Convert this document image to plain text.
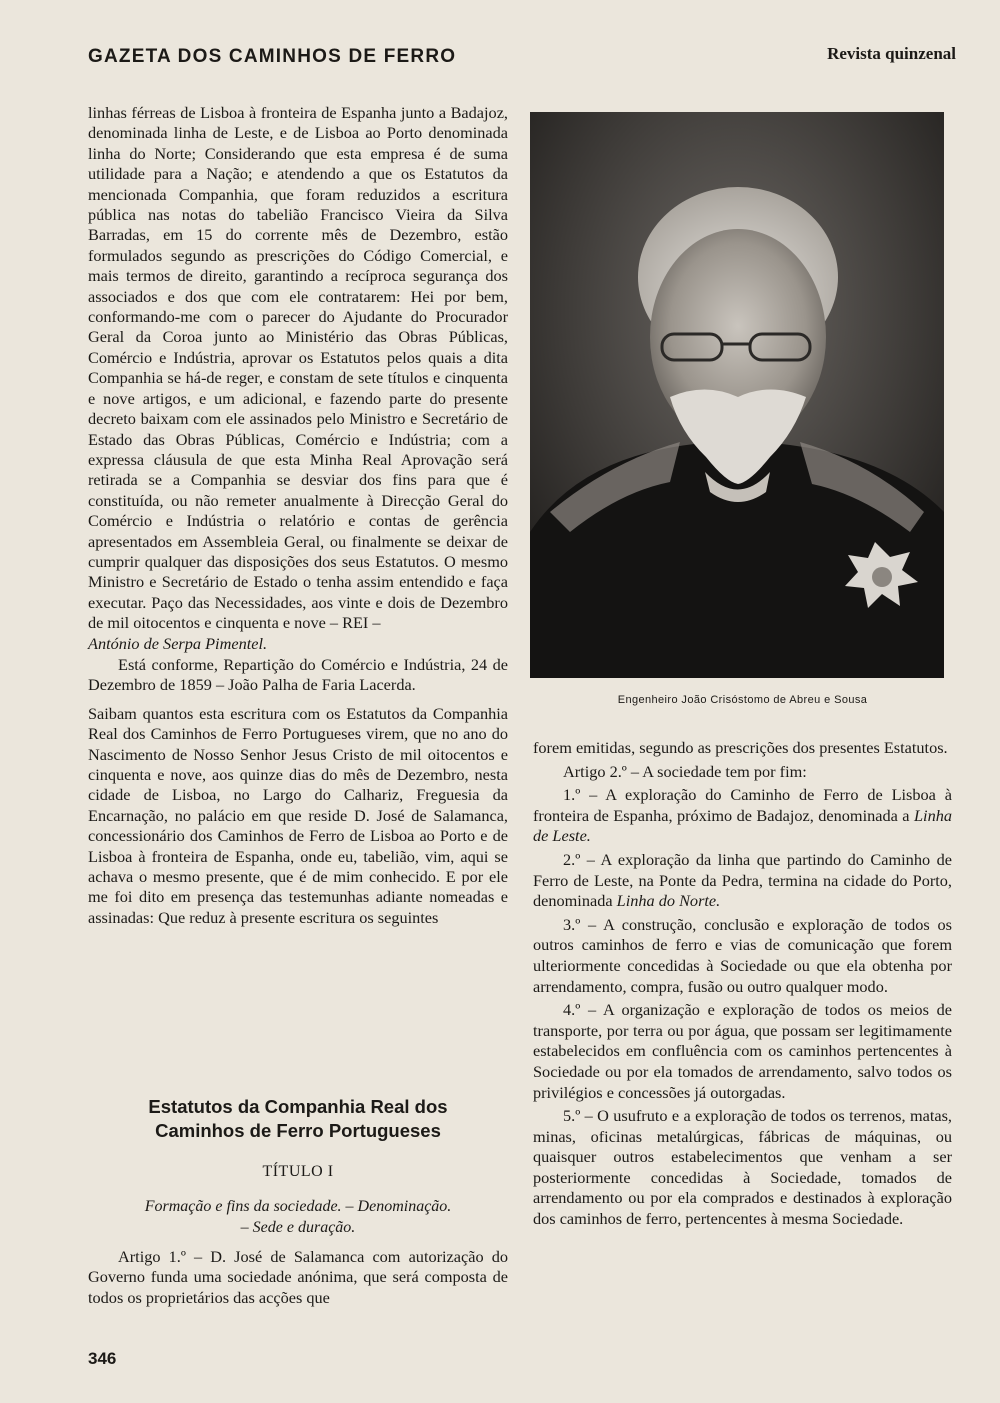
GAZETA DOS CAMINHOS DE FERRO	Revista quinzenal

linhas férreas de Lisboa à fronteira de Espanha junto a Badajoz, denominada linha de Leste, e de Lisboa ao Porto denominada linha do Norte; Considerando que esta empresa é de suma utilidade para a Nação; e atendendo a que os Estatutos da mencionada Companhia, que foram reduzidos a escritura pública nas notas do tabelião Francisco Vieira da Silva Barradas, em 15 do corrente mês de Dezembro, estão formulados segundo as prescrições do Código Comercial, e mais termos de direito, garantindo a recíproca segurança dos associados e dos que com ele contratarem: Hei por bem, conformando-me com o parecer do Ajudante do Procurador Geral da Coroa junto ao Ministério das Obras Públicas, Comércio e Indústria, aprovar os Estatutos pelos quais a dita Companhia se há-de reger, e constam de sete títulos e cinquenta e nove artigos, e um adicional, e fazendo parte do presente decreto baixam com ele assinados pelo Ministro e Secretário de Estado das Obras Públicas, Comércio e Indústria; com a expressa cláusula de que esta Minha Real Aprovação será retirada se a Companhia se desviar dos fins para que é constituída, ou não remeter anualmente à Direcção Geral do Comércio e Indústria o relatório e contas de gerência apresentados em Assembleia Geral, ou finalmente se deixar de cumprir qualquer das disposições dos seus Estatutos. O mesmo Ministro e Secretário de Estado o tenha assim entendido e faça executar. Paço das Necessidades, aos vinte e dois de Dezembro de mil oitocentos e cinquenta e nove – REI –
António de Serpa Pimentel.

Está conforme, Repartição do Comércio e Indústria, 24 de Dezembro de 1859 – João Palha de Faria Lacerda.

Saibam quantos esta escritura com os Estatutos da Companhia Real dos Caminhos de Ferro Portugueses virem, que no ano do Nascimento de Nosso Senhor Jesus Cristo de mil oitocentos e cinquenta e nove, aos quinze dias do mês de Dezembro, nesta cidade de Lisboa, no Largo do Calhariz, Freguesia da Encarnação, no palácio em que reside D. José de Salamanca, concessionário dos Caminhos de Ferro de Lisboa ao Porto e de Lisboa à fronteira de Espanha, onde eu, tabelião, vim, aqui se achava o mesmo presente, que é de mim conhecido. E por ele me foi dito em presença das testemunhas adiante nomeadas e assinadas: Que reduz à presente escritura os seguintes

Estatutos da Companhia Real dos
Caminhos de Ferro Portugueses
TÍTULO I
Formação e fins da sociedade. – Denominação.
– Sede e duração.

Artigo 1.º – D. José de Salamanca com autorização do Governo funda uma sociedade anónima, que será composta de todos os proprietários das acções que

Engenheiro João Crisóstomo de Abreu e Sousa

forem emitidas, segundo as prescrições dos presentes Estatutos.

Artigo 2.º – A sociedade tem por fim:

1.º – A exploração do Caminho de Ferro de Lisboa à fronteira de Espanha, próximo de Badajoz, denominada a Linha de Leste.

2.º – A exploração da linha que partindo do Caminho de Ferro de Leste, na Ponte da Pedra, termina na cidade do Porto, denominada Linha do Norte.

3.º – A construção, conclusão e exploração de todos os outros caminhos de ferro e vias de comunicação que forem ulteriormente concedidas à Sociedade ou que ela obtenha por arrendamento, compra, fusão ou outro qualquer modo.

4.º – A organização e exploração de todos os meios de transporte, por terra ou por água, que possam ser legitimamente estabelecidos em confluência com os caminhos pertencentes à Sociedade ou por ela tomados de arrendamento, salvo todos os privilégios e concessões já outorgadas.

5.º – O usufruto e a exploração de todos os terrenos, matas, minas, oficinas metalúrgicas, fábricas de máquinas, ou quaisquer outros estabelecimentos que venham a ser posteriormente concedidas à Sociedade, tomados de arrendamento ou por ela comprados e destinados à exploração dos caminhos de ferro, pertencentes à mesma Sociedade.

346
